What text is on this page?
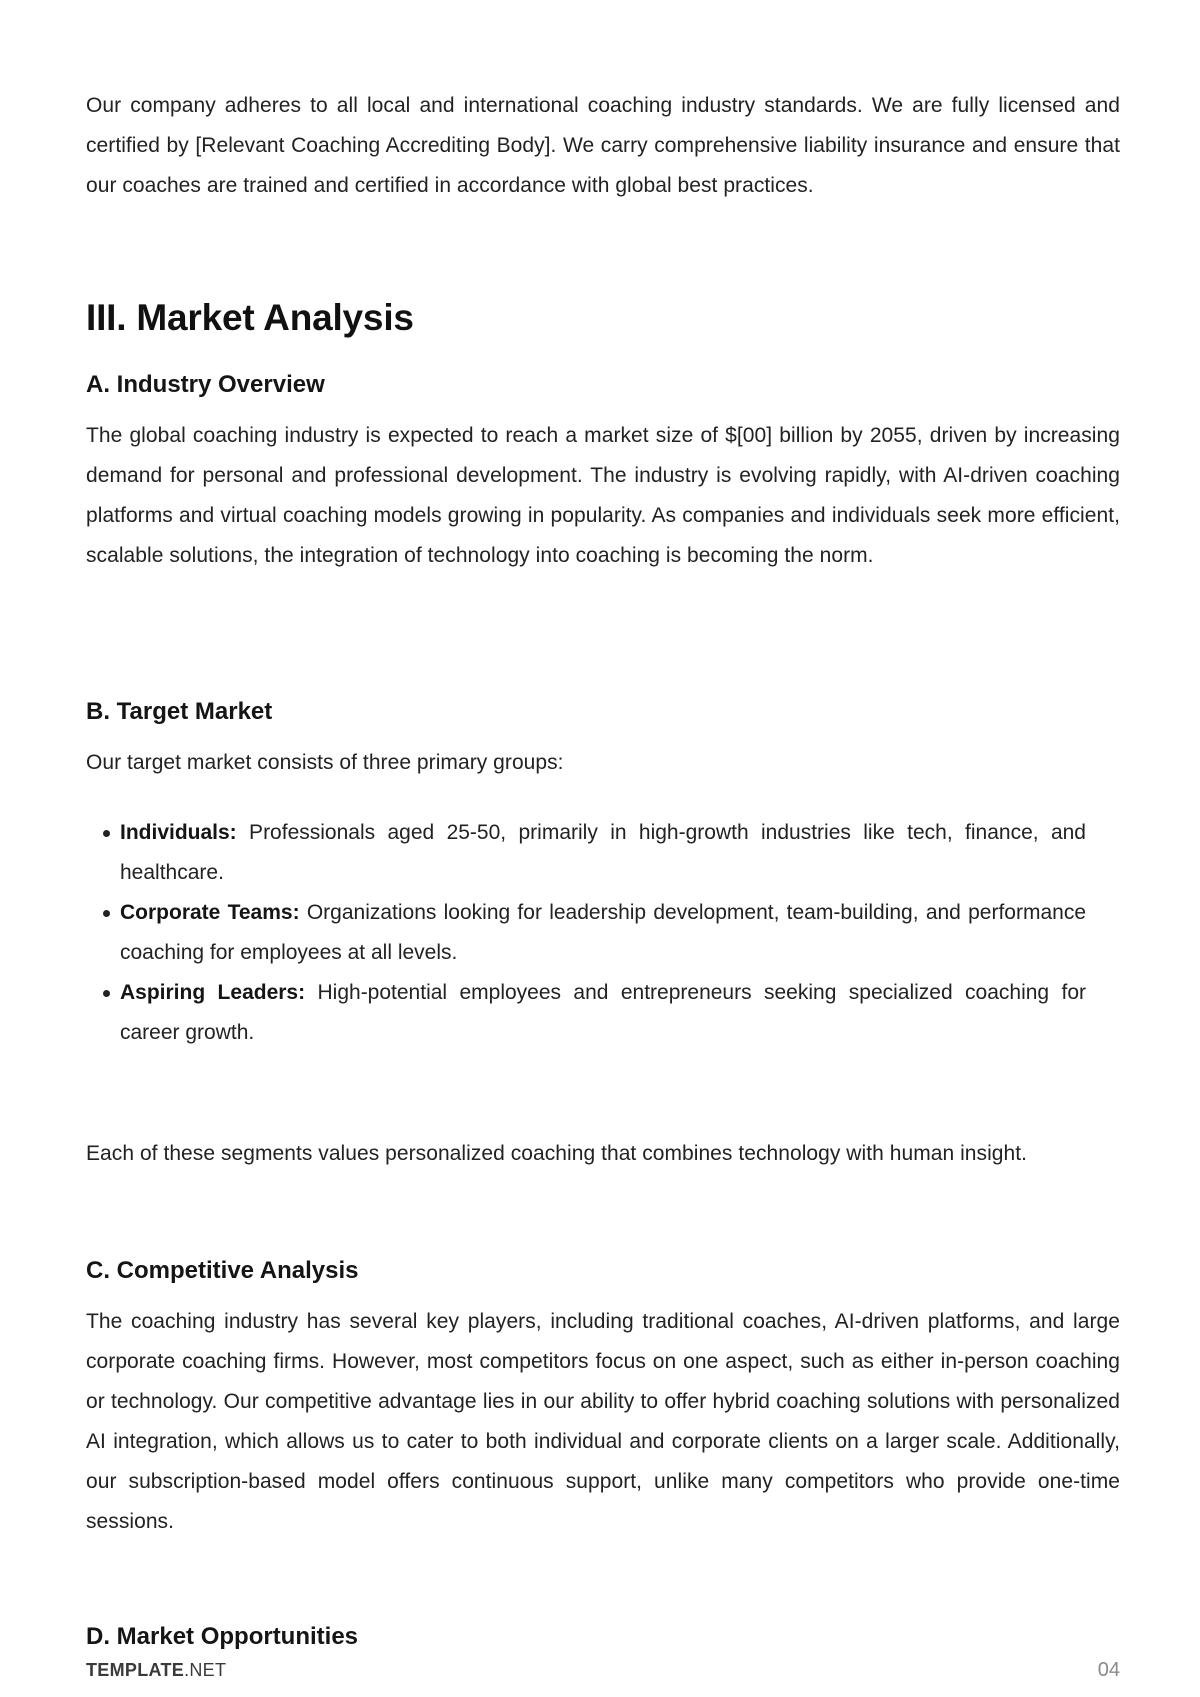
Our company adheres to all local and international coaching industry standards. We are fully licensed and certified by [Relevant Coaching Accrediting Body]. We carry comprehensive liability insurance and ensure that our coaches are trained and certified in accordance with global best practices.

III. Market Analysis
A. Industry Overview

The global coaching industry is expected to reach a market size of $[00] billion by 2055, driven by increasing demand for personal and professional development. The industry is evolving rapidly, with AI-driven coaching platforms and virtual coaching models growing in popularity. As companies and individuals seek more efficient, scalable solutions, the integration of technology into coaching is becoming the norm.

B. Target Market

Our target market consists of three primary groups:

Individuals: Professionals aged 25-50, primarily in high-growth industries like tech, finance, and healthcare.
Corporate Teams: Organizations looking for leadership development, team-building, and performance coaching for employees at all levels.
Aspiring Leaders: High-potential employees and entrepreneurs seeking specialized coaching for career growth.

Each of these segments values personalized coaching that combines technology with human insight.

C. Competitive Analysis

The coaching industry has several key players, including traditional coaches, AI-driven platforms, and large corporate coaching firms. However, most competitors focus on one aspect, such as either in-person coaching or technology. Our competitive advantage lies in our ability to offer hybrid coaching solutions with personalized AI integration, which allows us to cater to both individual and corporate clients on a larger scale. Additionally, our subscription-based model offers continuous support, unlike many competitors who provide one-time sessions.

D. Market Opportunities
TEMPLATE.NET	04
